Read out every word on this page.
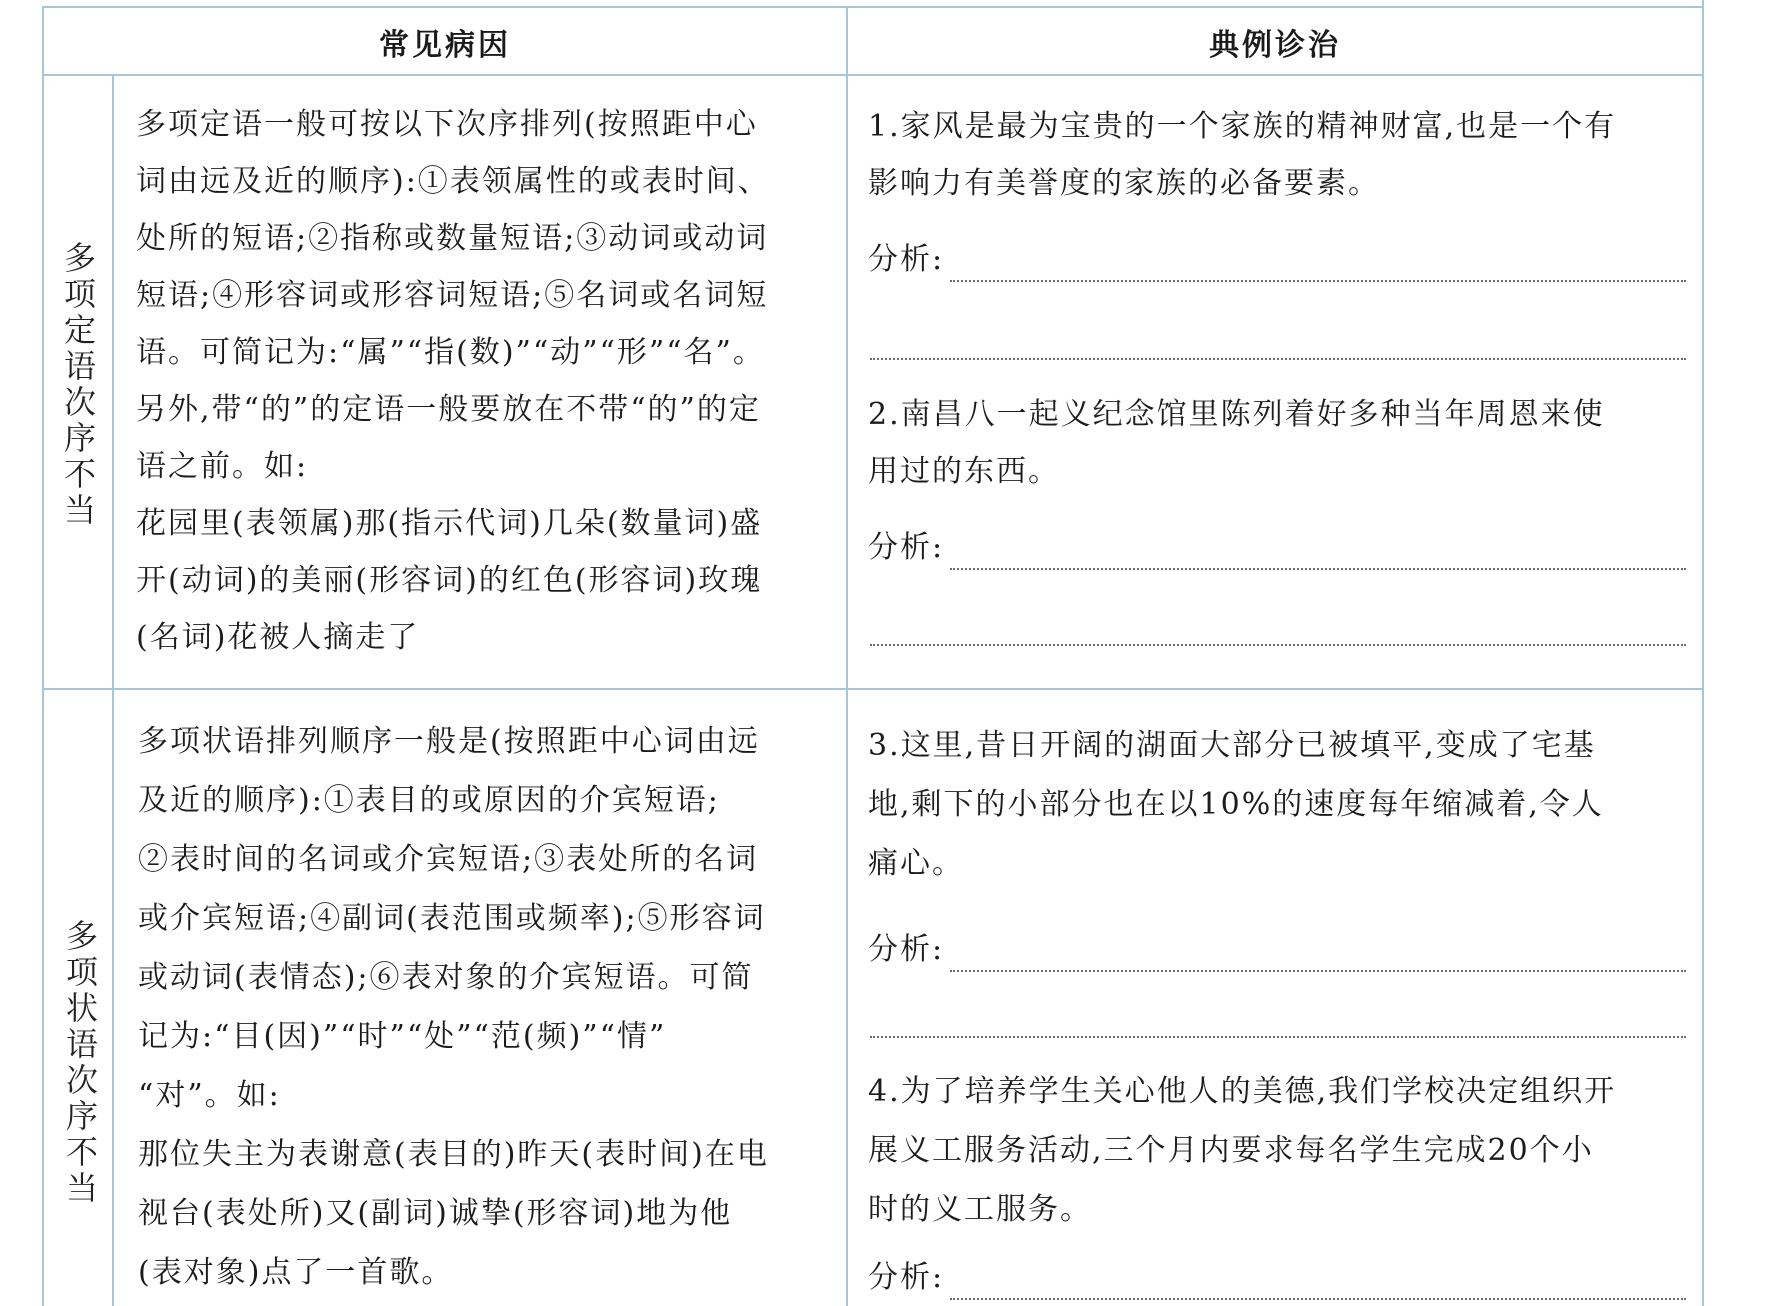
常见病因	典例诊治
多
项
定
语
次
序
不
当

多项定语一般可按以下次序排列(按照距中心

词由远及近的顺序):①表领属性的或表时间、

处所的短语;②指称或数量短语;③动词或动词

短语;④形容词或形容词短语;⑤名词或名词短

语。可简记为:“属”“指(数)”“动”“形”“名”。

另外,带“的”的定语一般要放在不带“的”的定

语之前。如:

花园里(表领属)那(指示代词)几朵(数量词)盛

开(动词)的美丽(形容词)的红色(形容词)玫瑰

(名词)花被人摘走了

1.家风是最为宝贵的一个家族的精神财富,也是一个有

影响力有美誉度的家族的必备要素。

分析:

2.南昌八一起义纪念馆里陈列着好多种当年周恩来使

用过的东西。

分析:
多
项
状
语
次
序
不
当

多项状语排列顺序一般是(按照距中心词由远

及近的顺序):①表目的或原因的介宾短语;

②表时间的名词或介宾短语;③表处所的名词

或介宾短语;④副词(表范围或频率);⑤形容词

或动词(表情态);⑥表对象的介宾短语。可简

记为:“目(因)”“时”“处”“范(频)”“情”

“对”。如:

那位失主为表谢意(表目的)昨天(表时间)在电

视台(表处所)又(副词)诚挚(形容词)地为他

(表对象)点了一首歌。

3.这里,昔日开阔的湖面大部分已被填平,变成了宅基

地,剩下的小部分也在以10%的速度每年缩减着,令人

痛心。

分析:

4.为了培养学生关心他人的美德,我们学校决定组织开

展义工服务活动,三个月内要求每名学生完成20个小

时的义工服务。

分析:
